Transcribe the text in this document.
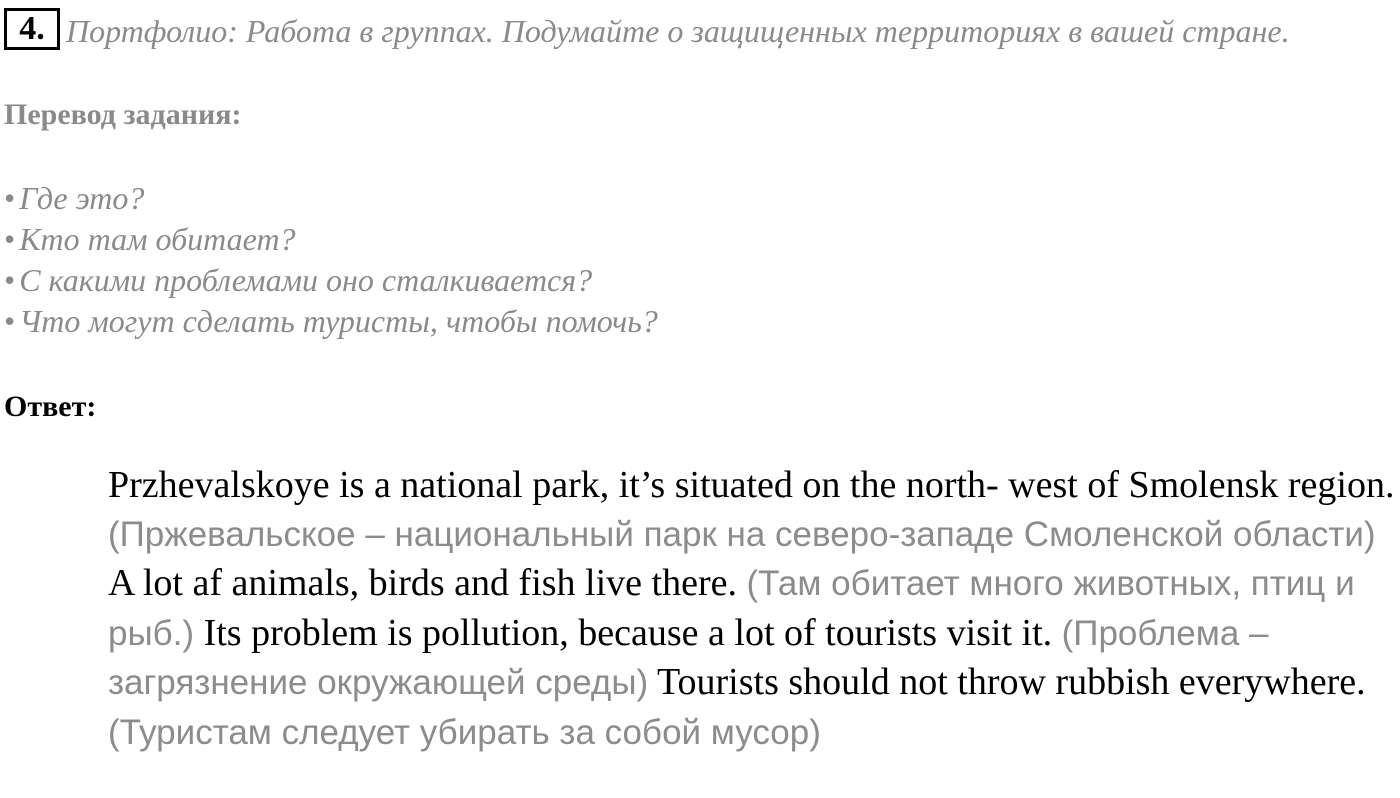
4. Портфолио: Работа в группах. Подумайте о защищенных территориях в вашей стране.
Перевод задания:
• Где это?
• Кто там обитает?
• С какими проблемами оно сталкивается?
• Что могут сделать туристы, чтобы помочь?
Ответ:

Przhevalskoye is a national park, it’s situated on the north- west of Smolensk region. (Пржевальское – национальный парк на северо-западе Смоленской области) A lot af animals, birds and fish live there. (Там обитает много животных, птиц и рыб.) Its problem is pollution, because a lot of tourists visit it. (Проблема – загрязнение окружающей среды) Tourists should not throw rubbish everywhere. (Туристам следует убирать за собой мусор)
